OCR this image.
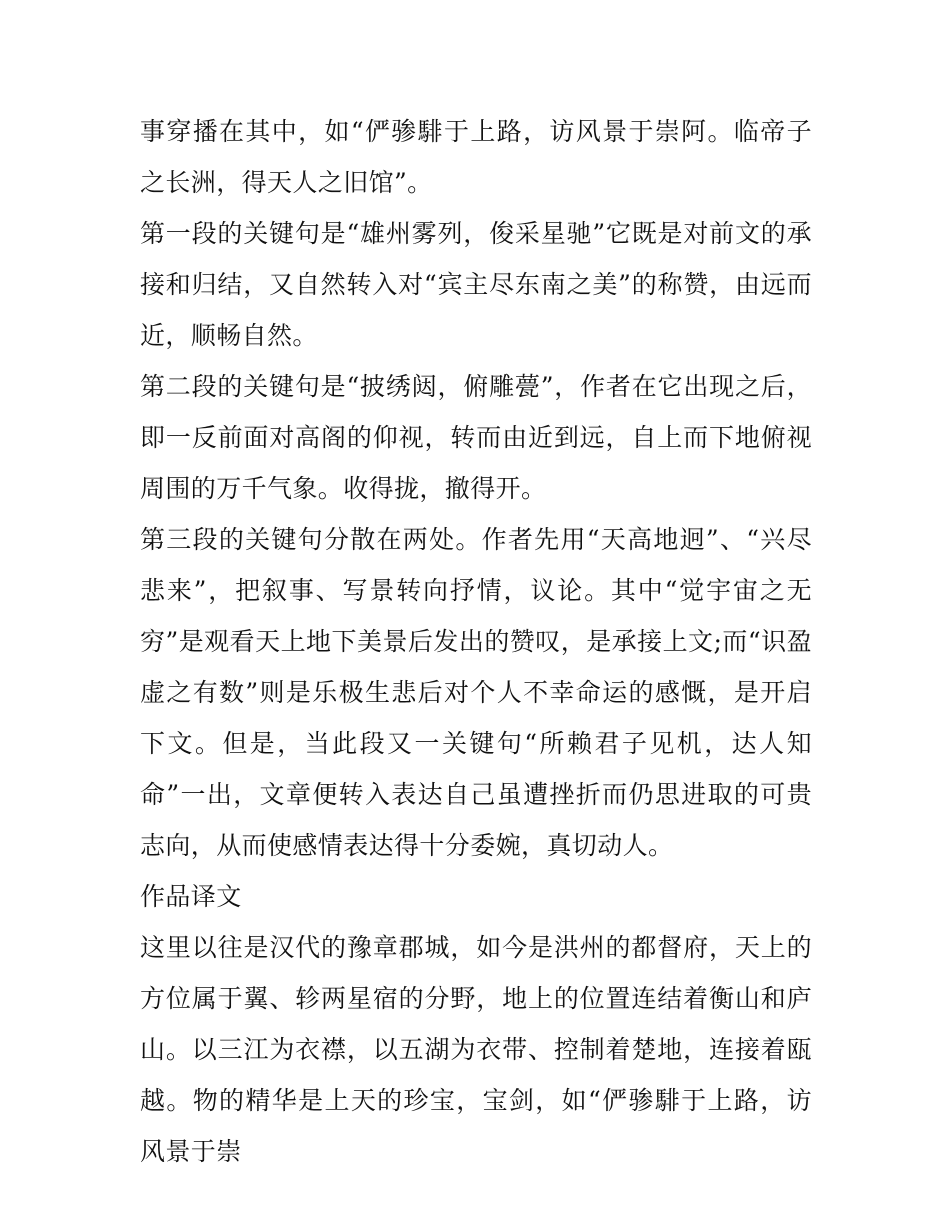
事穿播在其中，如“俨骖騑于上路，访风景于崇阿。临帝子之长洲，得天人之旧馆”。

第一段的关键句是“雄州雾列，俊采星驰”它既是对前文的承接和归结，又自然转入对“宾主尽东南之美”的称赞，由远而近，顺畅自然。

第二段的关键句是“披绣闼，俯雕甍”，作者在它出现之后，即一反前面对高阁的仰视，转而由近到远，自上而下地俯视周围的万千气象。收得拢，撤得开。

第三段的关键句分散在两处。作者先用“天高地迥”、“兴尽悲来”，把叙事、写景转向抒情，议论。其中“觉宇宙之无穷”是观看天上地下美景后发出的赞叹，是承接上文;而“识盈虚之有数”则是乐极生悲后对个人不幸命运的感慨，是开启下文。但是，当此段又一关键句“所赖君子见机，达人知命”一出，文章便转入表达自己虽遭挫折而仍思进取的可贵志向，从而使感情表达得十分委婉，真切动人。

作品译文

这里以往是汉代的豫章郡城，如今是洪州的都督府，天上的方位属于翼、轸两星宿的分野，地上的位置连结着衡山和庐山。以三江为衣襟，以五湖为衣带、控制着楚地，连接着瓯越。物的精华是上天的珍宝，宝剑，如“俨骖騑于上路，访风景于崇
